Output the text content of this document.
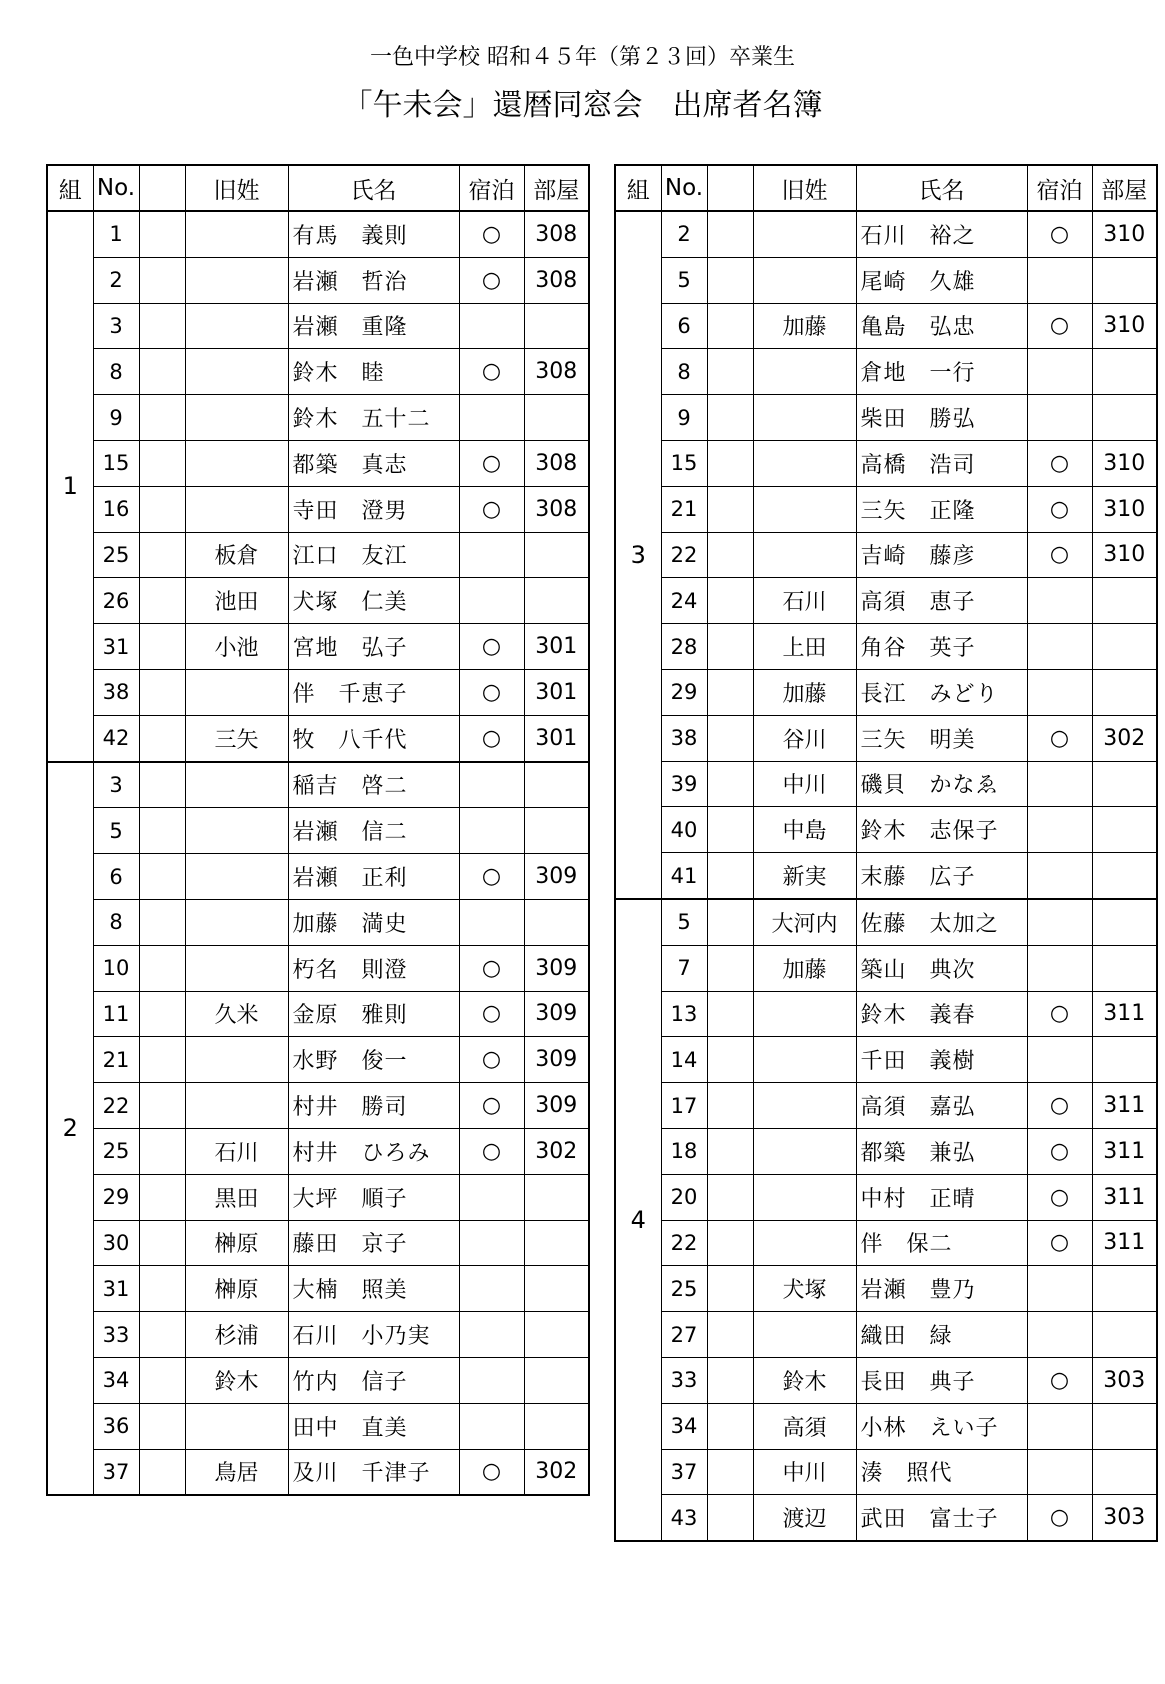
一色中学校 昭和４５年（第２３回）卒業生
「午未会」還暦同窓会　出席者名簿
組	No.		旧姓	氏名	宿泊	部屋
1	1			有馬　義則	○	308
	2			岩瀬　哲治	○	308
	3			岩瀬　重隆		
	8			鈴木　睦	○	308
	9			鈴木　五十二		
	15			都築　真志	○	308
	16			寺田　澄男	○	308
	25		板倉	江口　友江		
	26		池田	犬塚　仁美		
	31		小池	宮地　弘子	○	301
	38			伴　千恵子	○	301
	42		三矢	牧　八千代	○	301
2	3			稲吉　啓二		
	5			岩瀬　信二		
	6			岩瀬　正利	○	309
	8			加藤　満史		
	10			朽名　則澄	○	309
	11		久米	金原　雅則	○	309
	21			水野　俊一	○	309
	22			村井　勝司	○	309
	25		石川	村井　ひろみ	○	302
	29		黒田	大坪　順子		
	30		榊原	藤田　京子		
	31		榊原	大楠　照美		
	33		杉浦	石川　小乃実		
	34		鈴木	竹内　信子		
	36			田中　直美		
	37		鳥居	及川　千津子	○	302
組	No.		旧姓	氏名	宿泊	部屋
3	2			石川　裕之	○	310
	5			尾崎　久雄		
	6		加藤	亀島　弘忠	○	310
	8			倉地　一行		
	9			柴田　勝弘		
	15			高橋　浩司	○	310
	21			三矢　正隆	○	310
	22			吉崎　藤彦	○	310
	24		石川	高須　恵子		
	28		上田	角谷　英子		
	29		加藤	長江　みどり		
	38		谷川	三矢　明美	○	302
	39		中川	磯貝　かなゑ		
	40		中島	鈴木　志保子		
	41		新実	末藤　広子		
4	5		大河内	佐藤　太加之		
	7		加藤	築山　典次		
	13			鈴木　義春	○	311
	14			千田　義樹		
	17			高須　嘉弘	○	311
	18			都築　兼弘	○	311
	20			中村　正晴	○	311
	22			伴　保二	○	311
	25		犬塚	岩瀬　豊乃		
	27			織田　緑		
	33		鈴木	長田　典子	○	303
	34		高須	小林　えい子		
	37		中川	湊　照代		
	43		渡辺	武田　富士子	○	303
